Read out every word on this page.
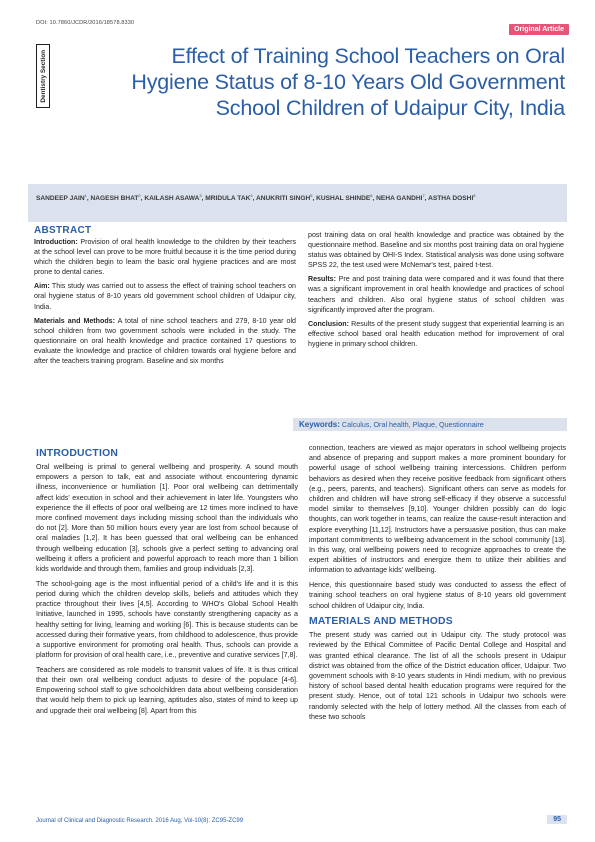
DOI: 10.7860/JCDR/2016/18578.8330
Original Article
Dentistry Section	Effect of Training School Teachers on Oral Hygiene Status of 8-10 Years Old Government School Children of Udaipur City, India
SANDEEP JAIN$^1$, NAGESH BHAT$^2$, KAILASH ASAWA$^3$, MRIDULA TAK$^4$, ANUKRITI SINGH$^5$, KUSHAL SHINDE$^6$, NEHA GANDHI$^7$, ASTHA DOSHI$^8$
ABSTRACT

Introduction: Provision of oral health knowledge to the children by their teachers at the school level can prove to be more fruitful because it is the time period during which the children begin to learn the basic oral hygiene practices and are most prone to dental caries.

Aim: This study was carried out to assess the effect of training school teachers on oral hygiene status of 8-10 years old government school children of Udaipur city, India.

Materials and Methods: A total of nine school teachers and 279, 8-10 year old school children from two government schools were included in the study. The questionnaire on oral health knowledge and practice contained 17 questions to evaluate the knowledge and practice of children towards oral hygiene before and after the teachers training program. Baseline and six months

post training data on oral health knowledge and practice was obtained by the questionnaire method. Baseline and six months post training data on oral hygiene status was obtained by OHI-S Index. Statistical analysis was done using software SPSS 22, the test used were McNemar's test, paired t-test.

Results: Pre and post training data were compared and it was found that there was a significant improvement in oral health knowledge and practices of school teachers and children. Also oral hygiene status of school children was significantly improved after the program.

Conclusion: Results of the present study suggest that experiential learning is an effective school based oral health education method for improvement of oral hygiene in primary school children.

Keywords: Calculus, Oral health, Plaque, Questionnaire
INTRODUCTION

Oral wellbeing is primal to general wellbeing and prosperity. A sound mouth empowers a person to talk, eat and associate without encountering dynamic illness, inconvenience or humiliation [1]. Poor oral wellbeing can detrimentally affect kids' execution in school and their achievement in later life. Youngsters who experience the ill effects of poor oral wellbeing are 12 times more inclined to have more confined movement days including missing school than the individuals who do not [2]. More than 50 million hours every year are lost from school because of oral maladies [1,2]. It has been guessed that oral wellbeing can be enhanced through wellbeing education [3], schools give a perfect setting to advancing oral wellbeing it offers a proficient and powerful approach to reach more than 1 billion kids worldwide and through them, families and group individuals [2,3].

The school-going age is the most influential period of a child's life and it is this period during which the children develop skills, beliefs and attitudes which they practice throughout their lives [4,5]. According to WHO's Global School Health Initiative, launched in 1995, schools have constantly strengthening capacity as a healthy setting for living, learning and working [6]. This is because students can be accessed during their formative years, from childhood to adolescence, thus provide a supportive environment for promoting oral health. Thus, schools can provide a platform for provision of oral health care, i.e., preventive and curative services [7,8].

Teachers are considered as role models to transmit values of life. It is thus critical that their own oral wellbeing conduct adjusts to desire of the populace [4-6]. Empowering school staff to give schoolchildren data about wellbeing consideration that would help them to pick up learning, aptitudes also, states of mind to keep up and upgrade their oral wellbeing [8]. Apart from this

connection, teachers are viewed as major operators in school wellbeing projects and absence of preparing and support makes a more prominent boundary for powerful usage of school wellbeing training intercessions. Children perform behaviors as desired when they receive positive feedback from significant others (e.g., peers, parents, and teachers). Significant others can serve as models for children and children will have strong self-efficacy if they observe a successful model similar to themselves [9,10]. Younger children possibly can do logic thoughts, can work together in teams, can realize the cause-result interaction and explore everything [11,12]. Instructors have a persuasive position, thus can make important commitments to wellbeing advancement in the school community [13]. In this way, oral wellbeing powers need to recognize approaches to create the expert abilities of instructors and energize them to utilize their abilities and information to advantage kids' wellbeing.

Hence, this questionnaire based study was conducted to assess the effect of training school teachers on oral hygiene status of 8-10 years old government school children of Udaipur city, India.

MATERIALS AND METHODS

The present study was carried out in Udaipur city. The study protocol was reviewed by the Ethical Committee of Pacific Dental College and Hospital and was granted ethical clearance. The list of all the schools present in Udaipur district was obtained from the office of the District education officer, Udaipur. Two government schools with 8-10 years students in Hindi medium, with no previous history of school based dental health education programs were required for the present study. Hence, out of total 121 schools in Udaipur two schools were randomly selected with the help of lottery method. All the classes from each of these two schools

Journal of Clinical and Diagnostic Research. 2016 Aug, Vol-10(8): ZC95-ZC99	95
